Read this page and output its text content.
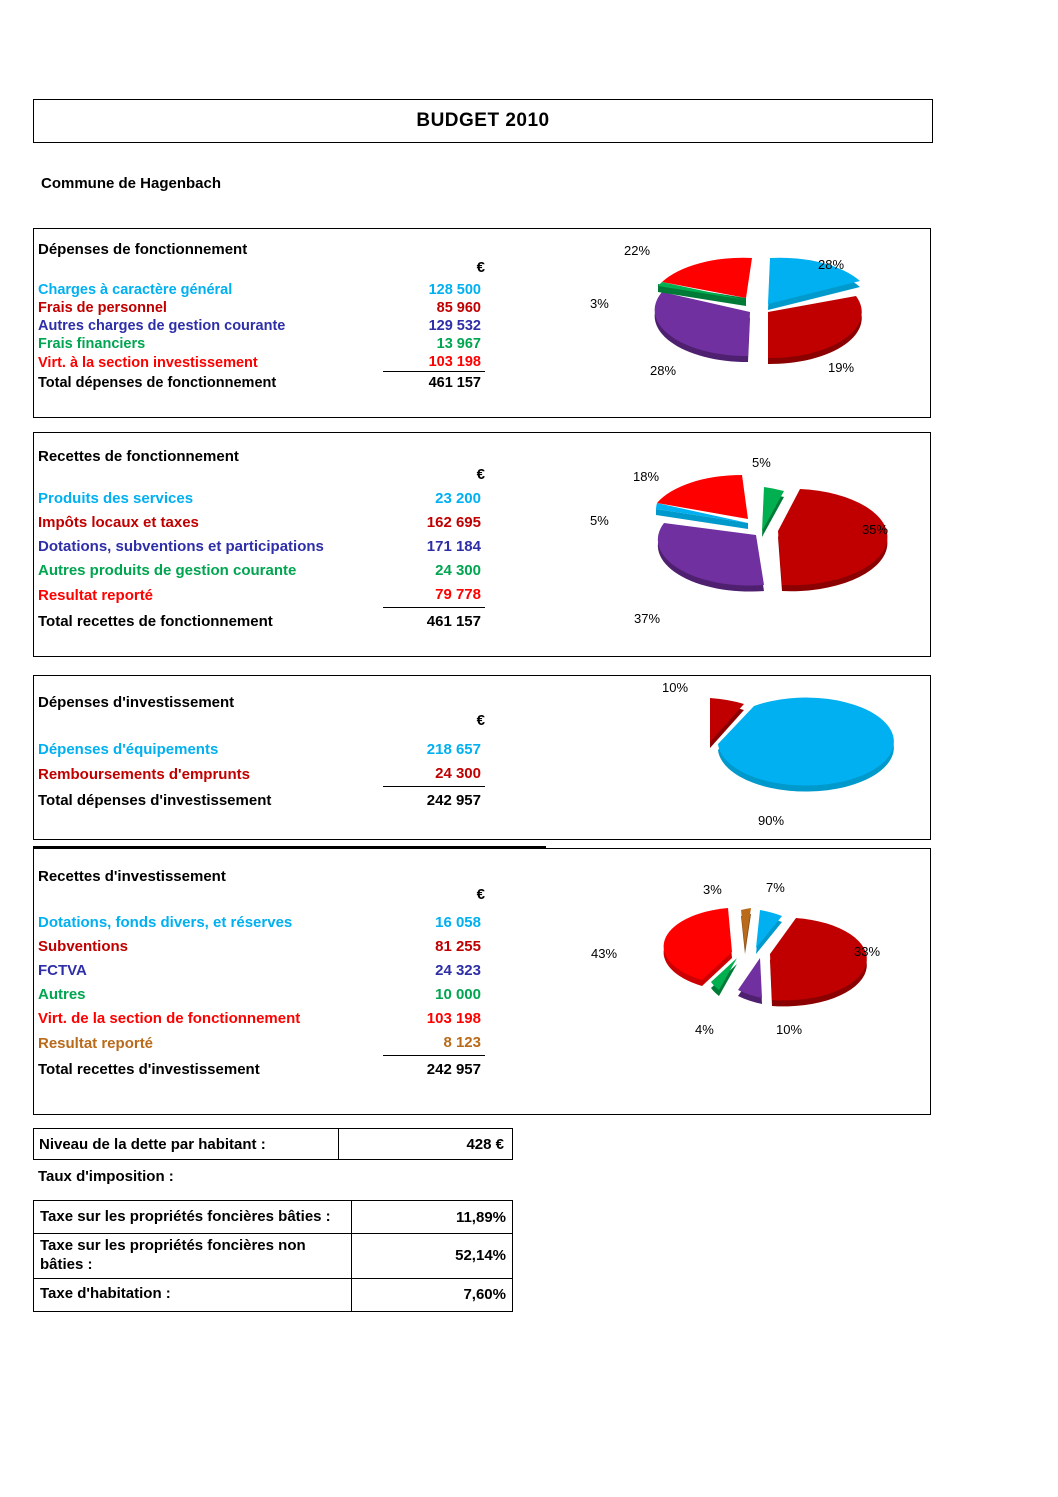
BUDGET 2010
Commune de Hagenbach
Dépenses de fonctionnement
€
Charges à caractère général	128 500
Frais de personnel	85 960
Autres charges de gestion courante	129 532
Frais financiers	13 967
Virt. à la section investissement	103 198
Total dépenses de fonctionnement	461 157
22%
28%
3%
19%
28%
Recettes de fonctionnement
€
Produits des services	23 200
Impôts locaux et taxes	162 695
Dotations, subventions et participations	171 184
Autres produits de gestion courante	24 300
Resultat reporté	79 778
Total recettes de fonctionnement	461 157
5%
18%
5%
35%
37%
Dépenses d'investissement
€
Dépenses d'équipements	218 657
Remboursements d'emprunts	24 300
Total dépenses d'investissement	242 957
10%
90%
Recettes d'investissement
€
Dotations, fonds divers, et réserves	16 058
Subventions	81 255
FCTVA	24 323
Autres	10 000
Virt. de la section de fonctionnement	103 198
Resultat reporté	8 123
Total recettes d'investissement	242 957
3%	7%
43%	33%
4%	10%
Niveau de la dette par habitant :	428 €
Taux d'imposition :
Taxe sur les propriétés foncières bâties :	11,89%
Taxe sur les propriétés foncières non bâties :	52,14%
Taxe d'habitation :	7,60%
